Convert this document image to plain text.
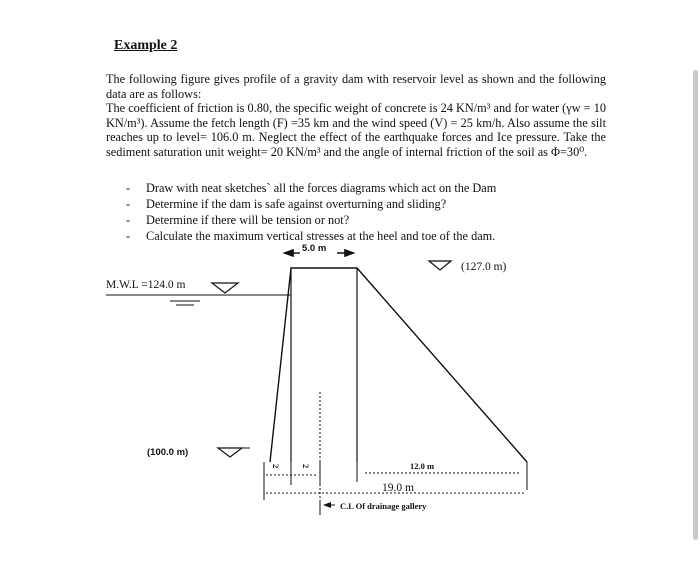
Example 2

The following figure gives profile of a gravity dam with reservoir level as shown and the following data are as follows:

The coefficient of friction is 0.80, the specific weight of concrete is 24 KN/m³ and for water (γw = 10 KN/m³). Assume the fetch length (F) =35 km and the wind speed (V) = 25 km/h. Also assume the silt reaches up to level= 106.0 m. Neglect the effect of the earthquake forces and Ice pressure. Take the sediment saturation unit weight= 20 KN/m³ and the angle of internal friction of the soil as Φ=30⁰.

- Draw with neat sketches` all the forces diagrams which act on the Dam
- Determine if the dam is safe against overturning and sliding?
- Determine if there will be tension or not?
- Calculate the maximum vertical stresses at the heel and toe of the dam.
5.0 m
(127.0 m)
M.W.L =124.0 m
(100.0 m)
2 2	12.0 m
19.0 m
C.L Of drainage gallery
